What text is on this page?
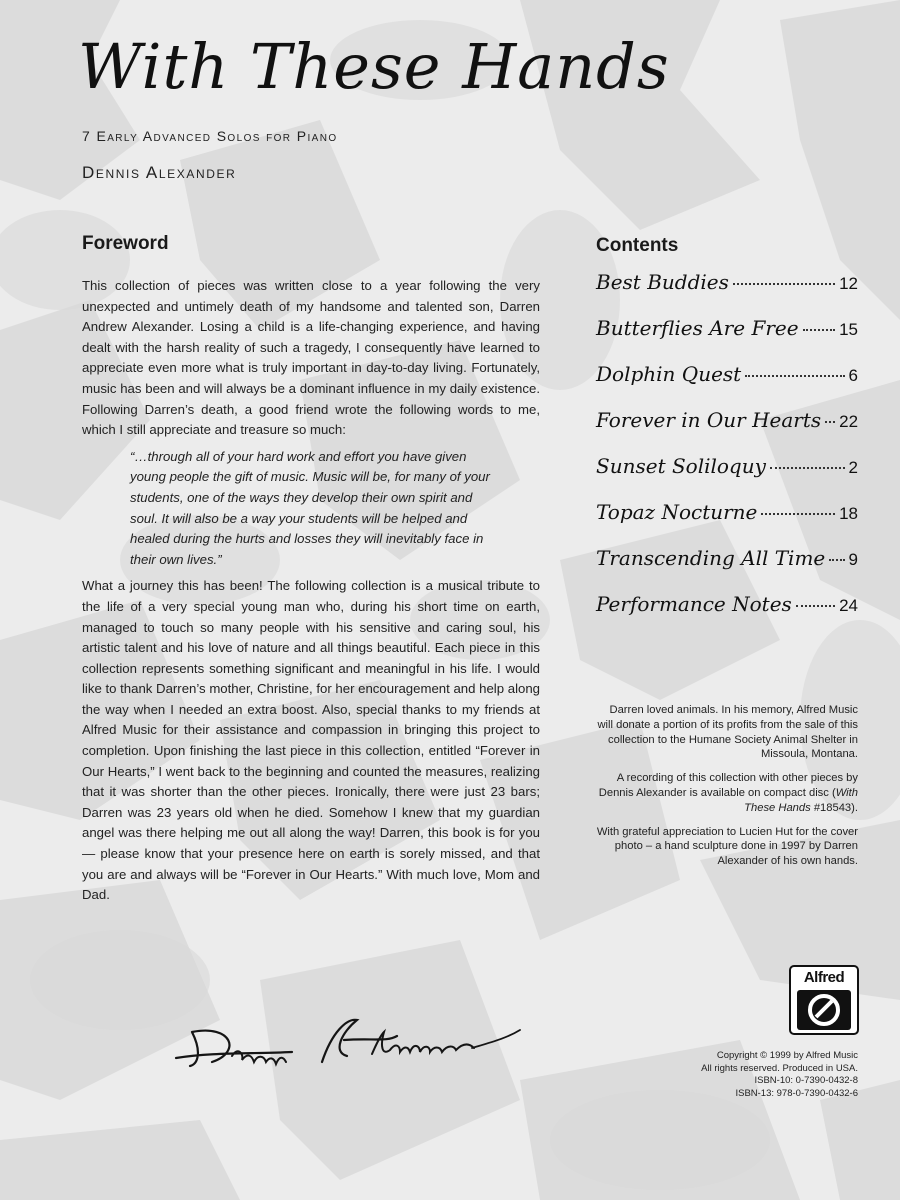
With These Hands
7 Early Advanced Solos for Piano
Dennis Alexander
Foreword

This collection of pieces was written close to a year following the very unexpected and untimely death of my handsome and talented son, Darren Andrew Alexander. Losing a child is a life-changing experience, and having dealt with the harsh reality of such a tragedy, I consequently have learned to appreciate even more what is truly important in day-to-day living. Fortunately, music has been and will always be a dominant influence in my daily existence. Following Darren’s death, a good friend wrote the following words to me, which I still appreciate and treasure so much:

“…through all of your hard work and effort you have given young people the gift of music. Music will be, for many of your students, one of the ways they develop their own spirit and soul. It will also be a way your students will be helped and healed during the hurts and losses they will inevitably face in their own lives.”

What a journey this has been! The following collection is a musical tribute to the life of a very special young man who, during his short time on earth, managed to touch so many people with his sensitive and caring soul, his artistic talent and his love of nature and all things beautiful. Each piece in this collection represents something significant and meaningful in his life. I would like to thank Darren’s mother, Christine, for her encouragement and help along the way when I needed an extra boost. Also, special thanks to my friends at Alfred Music for their assistance and compassion in bringing this project to completion. Upon finishing the last piece in this collection, entitled “Forever in Our Hearts,” I went back to the beginning and counted the measures, realizing that it was shorter than the other pieces. Ironically, there were just 23 bars; Darren was 23 years old when he died. Somehow I knew that my guardian angel was there helping me out all along the way! Darren, this book is for you — please know that your presence here on earth is sorely missed, and that you are and always will be “Forever in Our Hearts.” With much love, Mom and Dad.

Contents
Best Buddies	12
Butterflies Are Free 15
Dolphin Quest	6
Forever in Our Hearts 22
Sunset Soliloquy	2
Topaz Nocturne	18
Transcending All Time 9
Performance Notes	24

Darren loved animals. In his memory, Alfred Music will donate a portion of its profits from the sale of this collection to the Humane Society Animal Shelter in Missoula, Montana.

A recording of this collection with other pieces by Dennis Alexander is available on compact disc (With These Hands #18543).

With grateful appreciation to Lucien Hut for the cover photo – a hand sculpture done in 1997 by Darren Alexander of his own hands.

Alfred
Copyright © 1999 by Alfred Music
All rights reserved. Produced in USA.
ISBN-10: 0-7390-0432-8
ISBN-13: 978-0-7390-0432-6
